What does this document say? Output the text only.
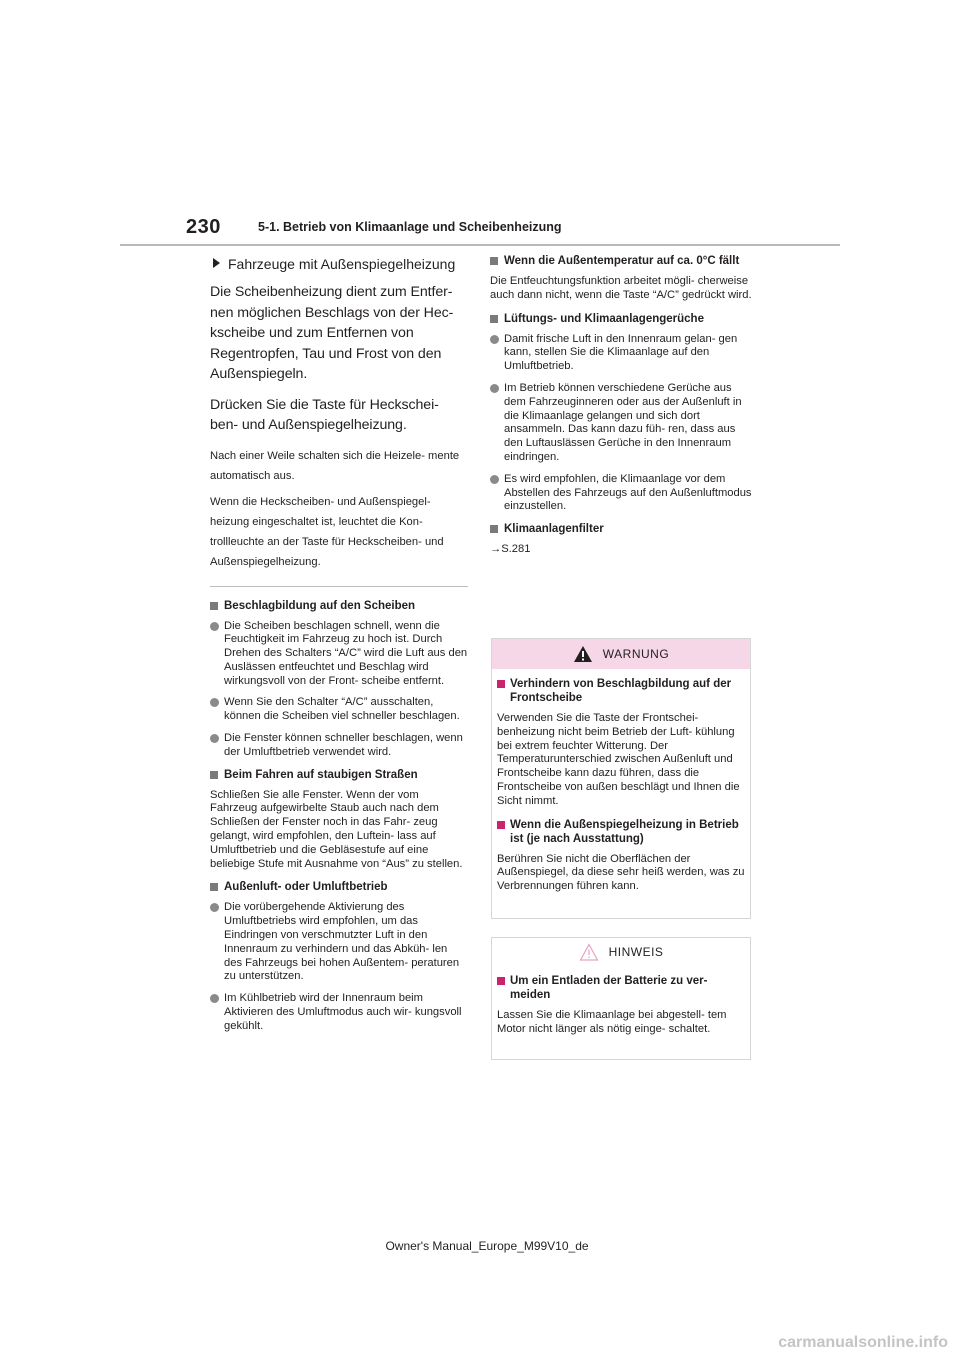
230	5-1. Betrieb von Klimaanlage und Scheibenheizung
Fahrzeuge mit Außenspiegelheizung

Die Scheibenheizung dient zum Entfer- nen möglichen Beschlags von der Hec- kscheibe und zum Entfernen von Regentropfen, Tau und Frost von den Außenspiegeln.

Drücken Sie die Taste für Heckschei- ben- und Außenspiegelheizung.

Nach einer Weile schalten sich die Heizele- mente automatisch aus.

Wenn die Heckscheiben- und Außenspiegel- heizung eingeschaltet ist, leuchtet die Kon- trollleuchte an der Taste für Heckscheiben- und Außenspiegelheizung.

Beschlagbildung auf den Scheiben
Die Scheiben beschlagen schnell, wenn die Feuchtigkeit im Fahrzeug zu hoch ist. Durch Drehen des Schalters “A/C” wird die Luft aus den Auslässen entfeuchtet und Beschlag wird wirkungsvoll von der Front- scheibe entfernt.
Wenn Sie den Schalter “A/C” ausschalten, können die Scheiben viel schneller beschlagen.
Die Fenster können schneller beschlagen, wenn der Umluftbetrieb verwendet wird.
Beim Fahren auf staubigen Straßen

Schließen Sie alle Fenster. Wenn der vom Fahrzeug aufgewirbelte Staub auch nach dem Schließen der Fenster noch in das Fahr- zeug gelangt, wird empfohlen, den Luftein- lass auf Umluftbetrieb und die Gebläsestufe auf eine beliebige Stufe mit Ausnahme von “Aus” zu stellen.

Außenluft- oder Umluftbetrieb
Die vorübergehende Aktivierung des Umluftbetriebs wird empfohlen, um das Eindringen von verschmutzter Luft in den Innenraum zu verhindern und das Abküh- len des Fahrzeugs bei hohen Außentem- peraturen zu unterstützen.
Im Kühlbetrieb wird der Innenraum beim Aktivieren des Umluftmodus auch wir- kungsvoll gekühlt.
Wenn die Außentemperatur auf ca. 0°C fällt

Die Entfeuchtungsfunktion arbeitet mögli- cherweise auch dann nicht, wenn die Taste “A/C” gedrückt wird.

Lüftungs- und Klimaanlagengerüche
Damit frische Luft in den Innenraum gelan- gen kann, stellen Sie die Klimaanlage auf den Umluftbetrieb.
Im Betrieb können verschiedene Gerüche aus dem Fahrzeuginneren oder aus der Außenluft in die Klimaanlage gelangen und sich dort ansammeln. Das kann dazu füh- ren, dass aus den Luftauslässen Gerüche in den Innenraum eindringen.
Es wird empfohlen, die Klimaanlage vor dem Abstellen des Fahrzeugs auf den Außenluftmodus einzustellen.
Klimaanlagenfilter

→S.281

WARNUNG
Verhindern von Beschlagbildung auf der Frontscheibe

Verwenden Sie die Taste der Frontschei- benheizung nicht beim Betrieb der Luft- kühlung bei extrem feuchter Witterung. Der Temperaturunterschied zwischen Außenluft und Frontscheibe kann dazu führen, dass die Frontscheibe von außen beschlägt und Ihnen die Sicht nimmt.

Wenn die Außenspiegelheizung in Betrieb ist (je nach Ausstattung)

Berühren Sie nicht die Oberflächen der Außenspiegel, da diese sehr heiß werden, was zu Verbrennungen führen kann.

HINWEIS
Um ein Entladen der Batterie zu ver- meiden

Lassen Sie die Klimaanlage bei abgestell- tem Motor nicht länger als nötig einge- schaltet.

Owner's Manual_Europe_M99V10_de
carmanualsonline.info
